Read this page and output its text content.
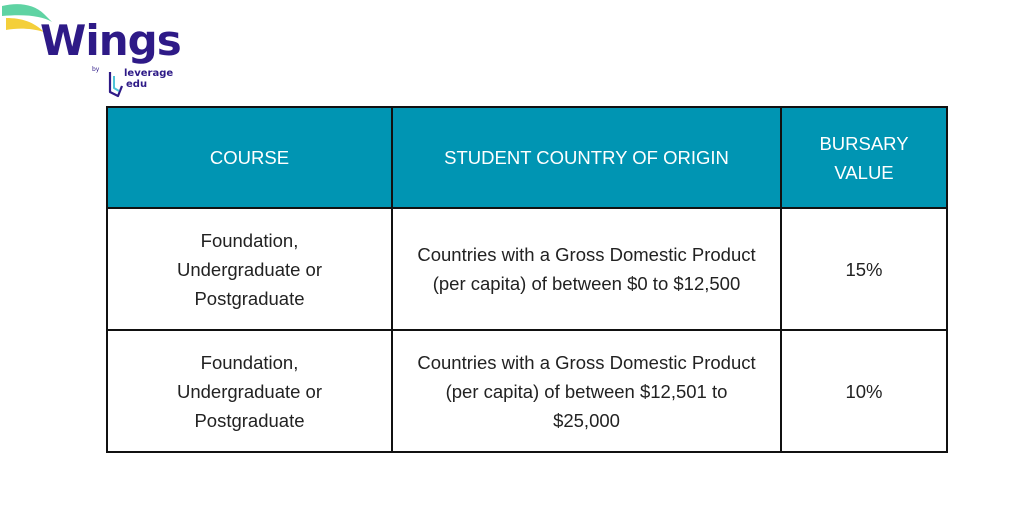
Wings
by leverage
edu
COURSE	STUDENT COUNTRY OF ORIGIN	BURSARY VALUE
Foundation, Undergraduate or Postgraduate	Countries with a Gross Domestic Product (per capita) of between $0 to $12,500	15%
Foundation, Undergraduate or Postgraduate	Countries with a Gross Domestic Product (per capita) of between $12,501 to $25,000	10%
